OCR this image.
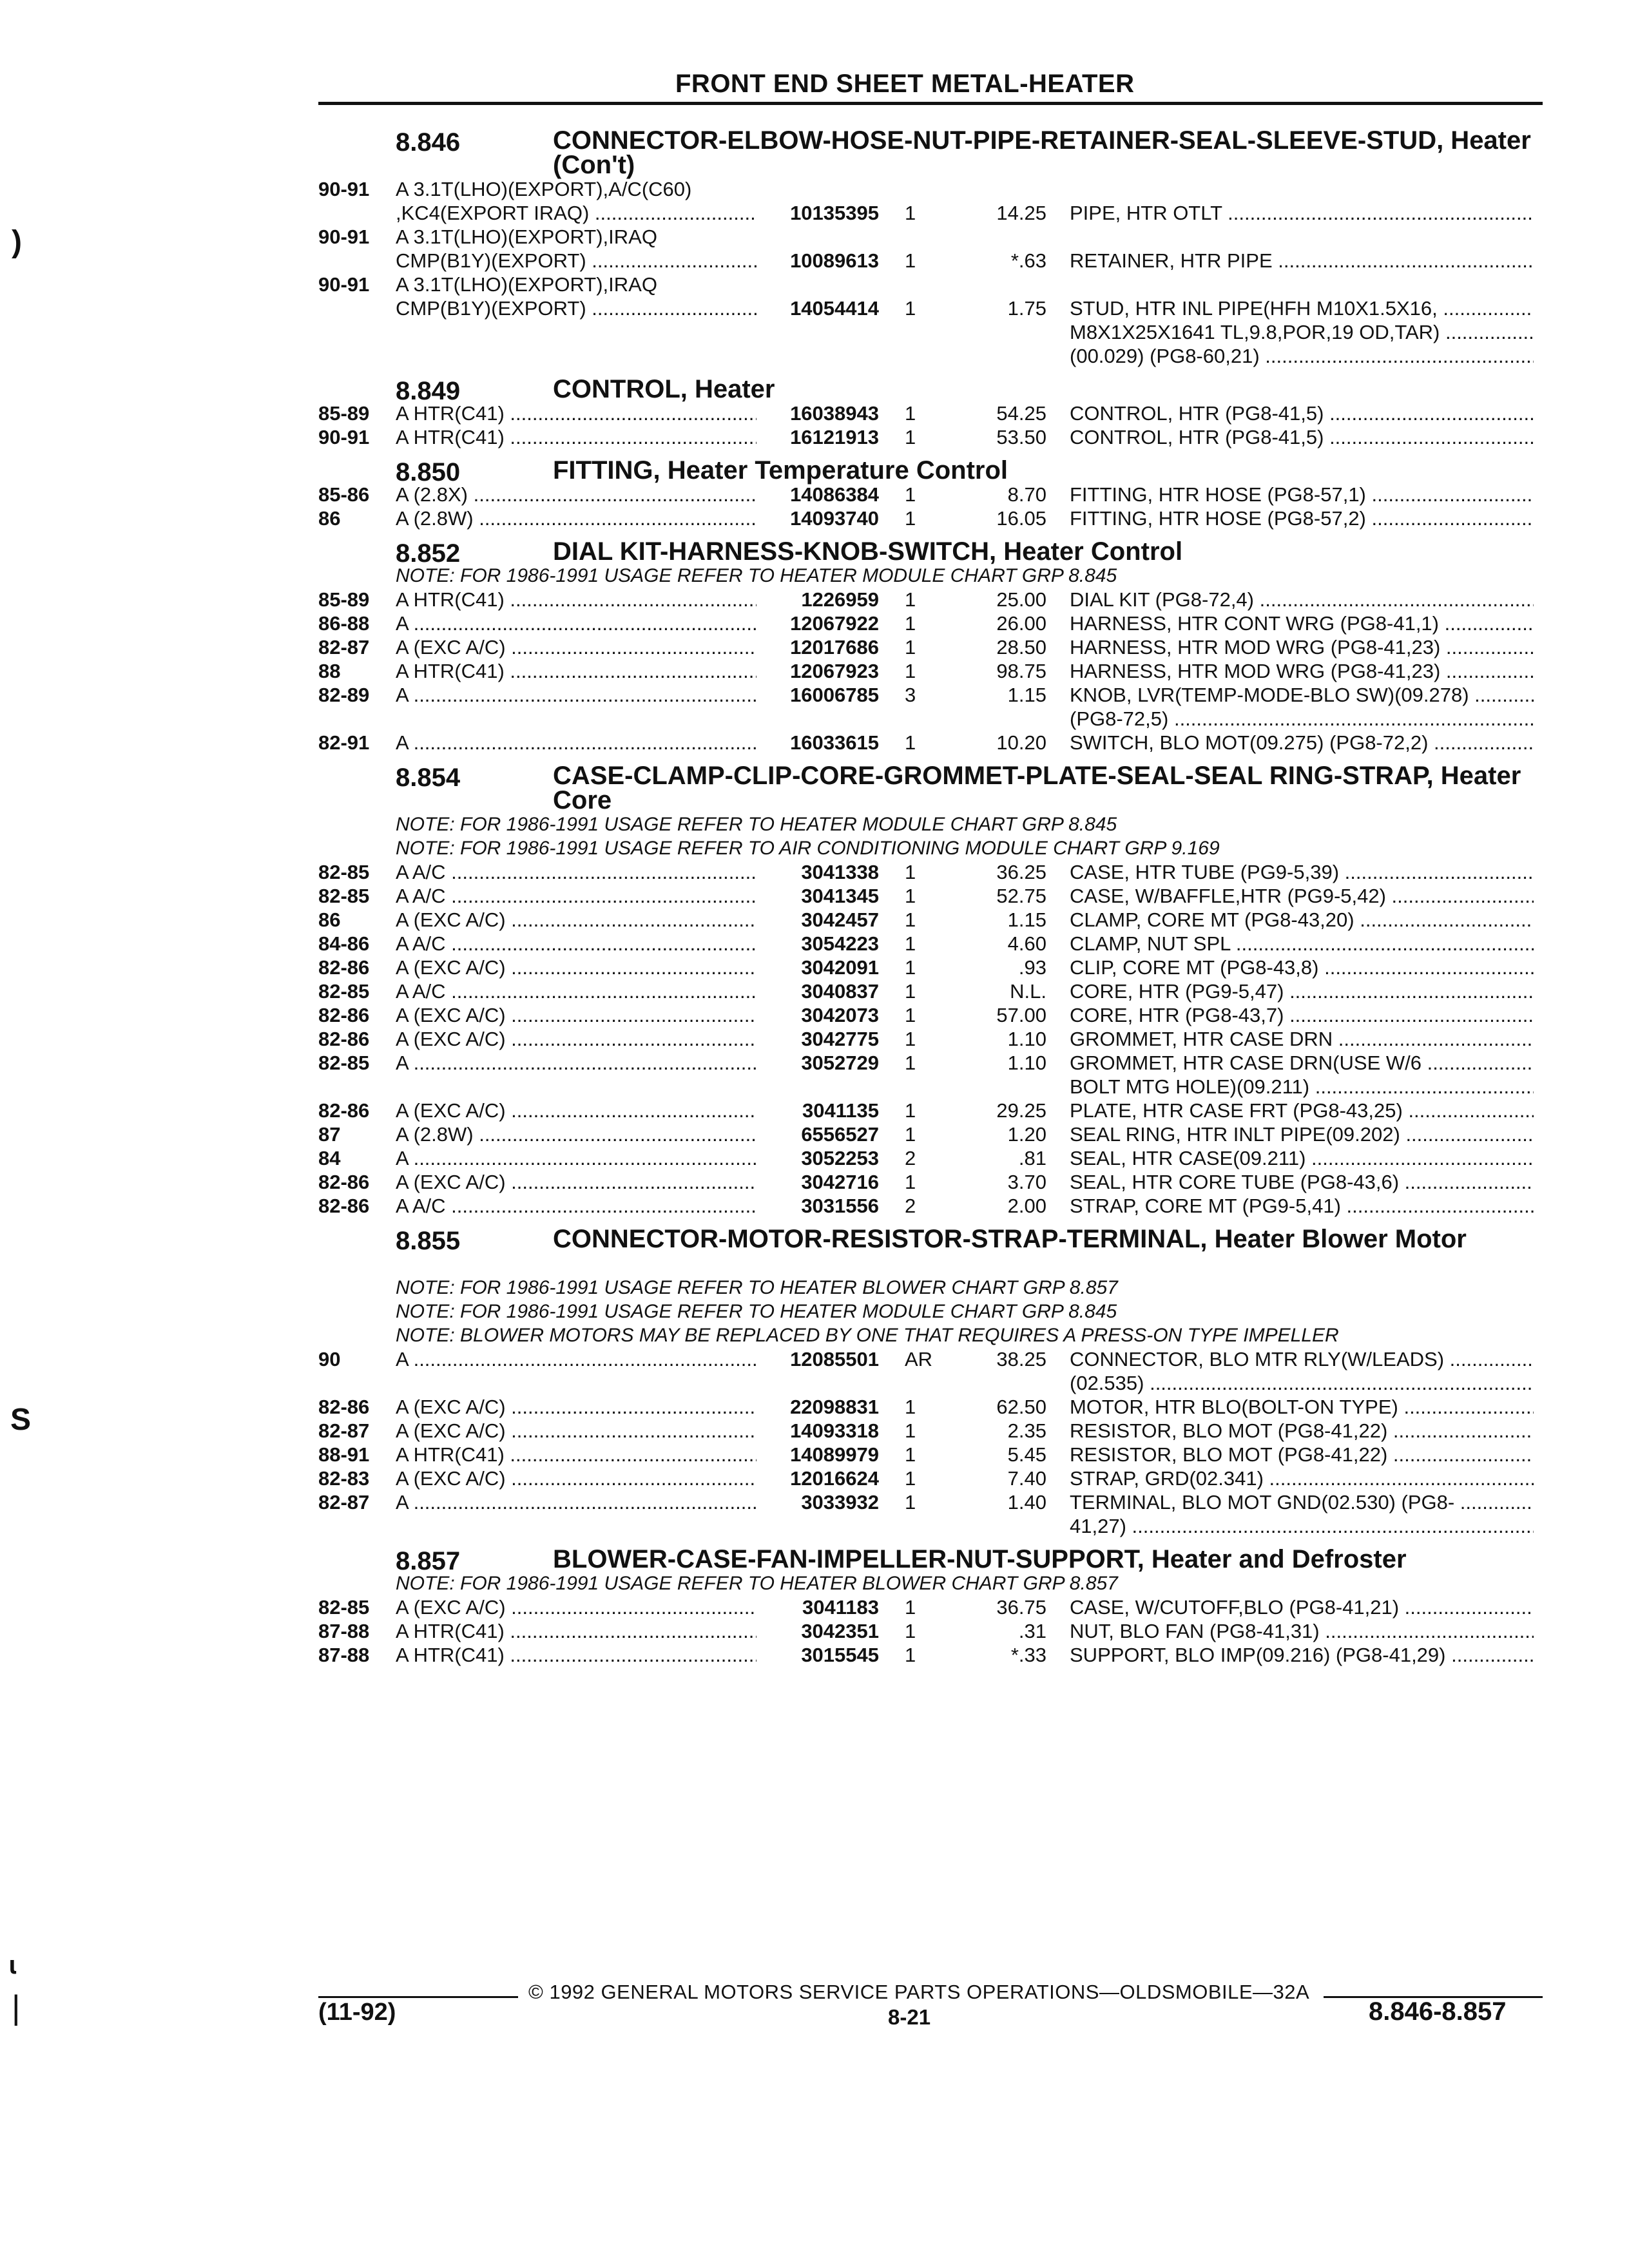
FRONT END SHEET METAL-HEATER
)
S
ɩ
|
8.846	CONNECTOR-ELBOW-HOSE-NUT-PIPE-RETAINER-SEAL-SLEEVE-STUD, Heater (Con't)
90-91 A 3.1T(LHO)(EXPORT),A/C(C60)
,KC4(EXPORT IRAQ) .....	10135395 1	14.25 PIPE, HTR OTLT .....
90-91 A 3.1T(LHO)(EXPORT),IRAQ
CMP(B1Y)(EXPORT) .....	10089613 1	*.63 RETAINER, HTR PIPE .....
90-91 A 3.1T(LHO)(EXPORT),IRAQ
CMP(B1Y)(EXPORT) .....	14054414 1	1.75 STUD, HTR INL PIPE(HFH M10X1.5X16, .....
M8X1X25X1641 TL,9.8,POR,19 OD,TAR) .....
(00.029) (PG8-60,21) .....
8.849	CONTROL, Heater
85-89 A HTR(C41) .....	16038943 1	54.25 CONTROL, HTR (PG8-41,5) .....
90-91 A HTR(C41) .....	16121913 1	53.50 CONTROL, HTR (PG8-41,5) .....
8.850	FITTING, Heater Temperature Control
85-86 A (2.8X) .....	14086384 1	8.70 FITTING, HTR HOSE (PG8-57,1) .....
86	A (2.8W) .....	14093740 1	16.05 FITTING, HTR HOSE (PG8-57,2) .....
8.852	DIAL KIT-HARNESS-KNOB-SWITCH, Heater Control
NOTE: FOR 1986-1991 USAGE REFER TO HEATER MODULE CHART GRP 8.845
85-89 A HTR(C41) .....	1226959 1	25.00 DIAL KIT (PG8-72,4) .....
86-88 A .....	12067922 1	26.00 HARNESS, HTR CONT WRG (PG8-41,1) .....
82-87 A (EXC A/C) .....	12017686 1	28.50 HARNESS, HTR MOD WRG (PG8-41,23) .....
88	A HTR(C41) .....	12067923 1	98.75 HARNESS, HTR MOD WRG (PG8-41,23) .....
82-89 A .....	16006785 3	1.15 KNOB, LVR(TEMP-MODE-BLO SW)(09.278) .....
(PG8-72,5) .....
82-91 A .....	16033615 1	10.20 SWITCH, BLO MOT(09.275) (PG8-72,2) .....
8.854	CASE-CLAMP-CLIP-CORE-GROMMET-PLATE-SEAL-SEAL RING-STRAP, Heater Core
NOTE: FOR 1986-1991 USAGE REFER TO HEATER MODULE CHART GRP 8.845
NOTE: FOR 1986-1991 USAGE REFER TO AIR CONDITIONING MODULE CHART GRP 9.169
82-85 A A/C .....	3041338 1	36.25 CASE, HTR TUBE (PG9-5,39) .....
82-85 A A/C .....	3041345 1	52.75 CASE, W/BAFFLE,HTR (PG9-5,42) .....
86	A (EXC A/C) .....	3042457 1	1.15 CLAMP, CORE MT (PG8-43,20) .....
84-86 A A/C .....	3054223 1	4.60 CLAMP, NUT SPL .....
82-86 A (EXC A/C) .....	3042091 1	.93 CLIP, CORE MT (PG8-43,8) .....
82-85 A A/C .....	3040837 1	N.L. CORE, HTR (PG9-5,47) .....
82-86 A (EXC A/C) .....	3042073 1	57.00 CORE, HTR (PG8-43,7) .....
82-86 A (EXC A/C) .....	3042775 1	1.10 GROMMET, HTR CASE DRN .....
82-85 A .....	3052729 1	1.10 GROMMET, HTR CASE DRN(USE W/6 .....
BOLT MTG HOLE)(09.211) .....
82-86 A (EXC A/C) .....	3041135 1	29.25 PLATE, HTR CASE FRT (PG8-43,25) .....
87	A (2.8W) .....	6556527 1	1.20 SEAL RING, HTR INLT PIPE(09.202) .....
84	A .....	3052253 2	.81 SEAL, HTR CASE(09.211) .....
82-86 A (EXC A/C) .....	3042716 1	3.70 SEAL, HTR CORE TUBE (PG8-43,6) .....
82-86 A A/C .....	3031556 2	2.00 STRAP, CORE MT (PG9-5,41) .....
8.855	CONNECTOR-MOTOR-RESISTOR-STRAP-TERMINAL, Heater Blower Motor
NOTE: FOR 1986-1991 USAGE REFER TO HEATER BLOWER CHART GRP 8.857
NOTE: FOR 1986-1991 USAGE REFER TO HEATER MODULE CHART GRP 8.845
NOTE: BLOWER MOTORS MAY BE REPLACED BY ONE THAT REQUIRES A PRESS-ON TYPE IMPELLER
90	A .....	12085501 AR	38.25 CONNECTOR, BLO MTR RLY(W/LEADS) .....
(02.535) .....
82-86 A (EXC A/C) .....	22098831 1	62.50 MOTOR, HTR BLO(BOLT-ON TYPE) .....
82-87 A (EXC A/C) .....	14093318 1	2.35 RESISTOR, BLO MOT (PG8-41,22) .....
88-91 A HTR(C41) .....	14089979 1	5.45 RESISTOR, BLO MOT (PG8-41,22) .....
82-83 A (EXC A/C) .....	12016624 1	7.40 STRAP, GRD(02.341) .....
82-87 A .....	3033932 1	1.40 TERMINAL, BLO MOT GND(02.530) (PG8- .....
41,27) .....
8.857	BLOWER-CASE-FAN-IMPELLER-NUT-SUPPORT, Heater and Defroster
NOTE: FOR 1986-1991 USAGE REFER TO HEATER BLOWER CHART GRP 8.857
82-85 A (EXC A/C) .....	3041183 1	36.75 CASE, W/CUTOFF,BLO (PG8-41,21) .....
87-88 A HTR(C41) .....	3042351 1	.31 NUT, BLO FAN (PG8-41,31) .....
87-88 A HTR(C41) .....	3015545 1	*.33 SUPPORT, BLO IMP(09.216) (PG8-41,29) .....
© 1992 GENERAL MOTORS SERVICE PARTS OPERATIONS—OLDSMOBILE—32A
(11-92)	8-21	8.846-8.857
